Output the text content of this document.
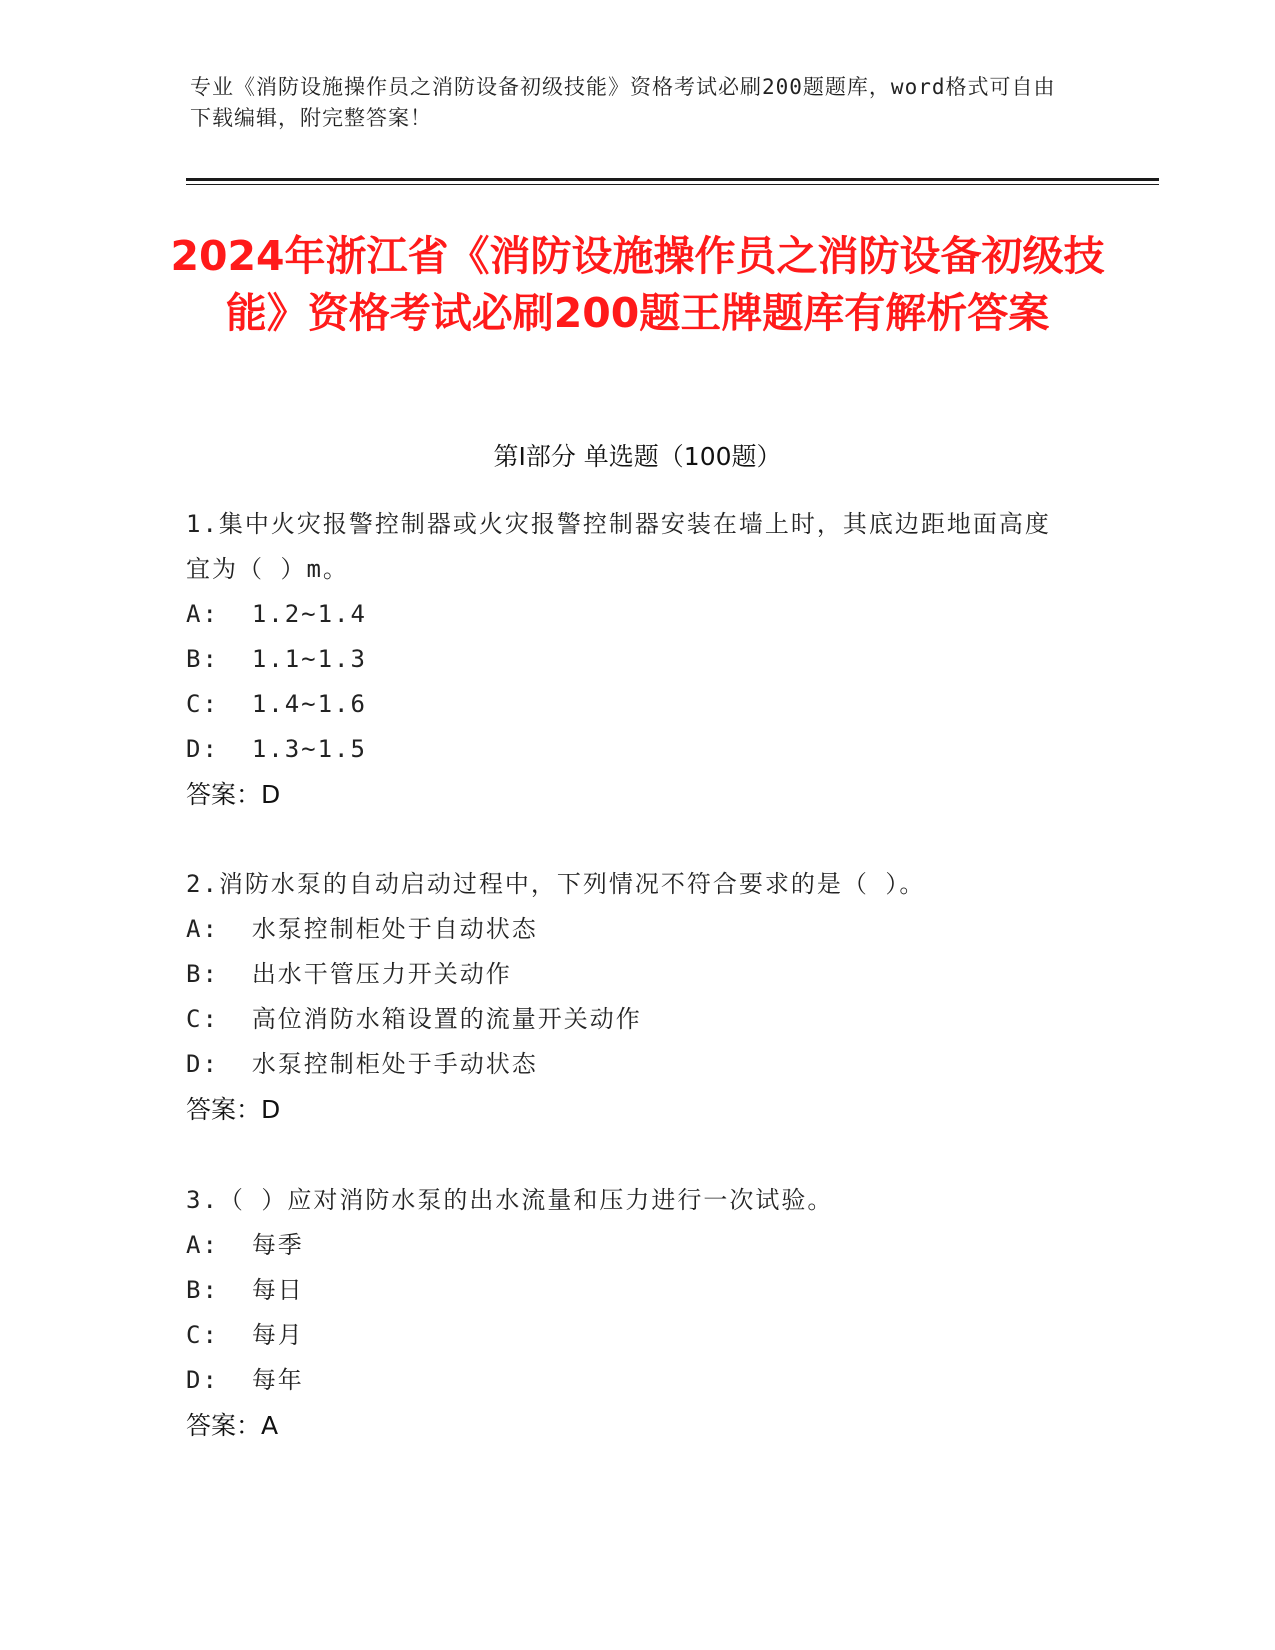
专业《消防设施操作员之消防设备初级技能》资格考试必刷200题题库，word格式可自由下载编辑，附完整答案！
2024年浙江省《消防设施操作员之消防设备初级技能》资格考试必刷200题王牌题库有解析答案
第I部分 单选题（100题）

1.集中火灾报警控制器或火灾报警控制器安装在墙上时，其底边距地面高度宜为（ ）m。

A:  1.2~1.4

B:  1.1~1.3

C:  1.4~1.6

D:  1.3~1.5

答案：D

2.消防水泵的自动启动过程中，下列情况不符合要求的是（ ）。

A:  水泵控制柜处于自动状态

B:  出水干管压力开关动作

C:  高位消防水箱设置的流量开关动作

D:  水泵控制柜处于手动状态

答案：D

3.（ ）应对消防水泵的出水流量和压力进行一次试验。

A:  每季

B:  每日

C:  每月

D:  每年

答案：A
